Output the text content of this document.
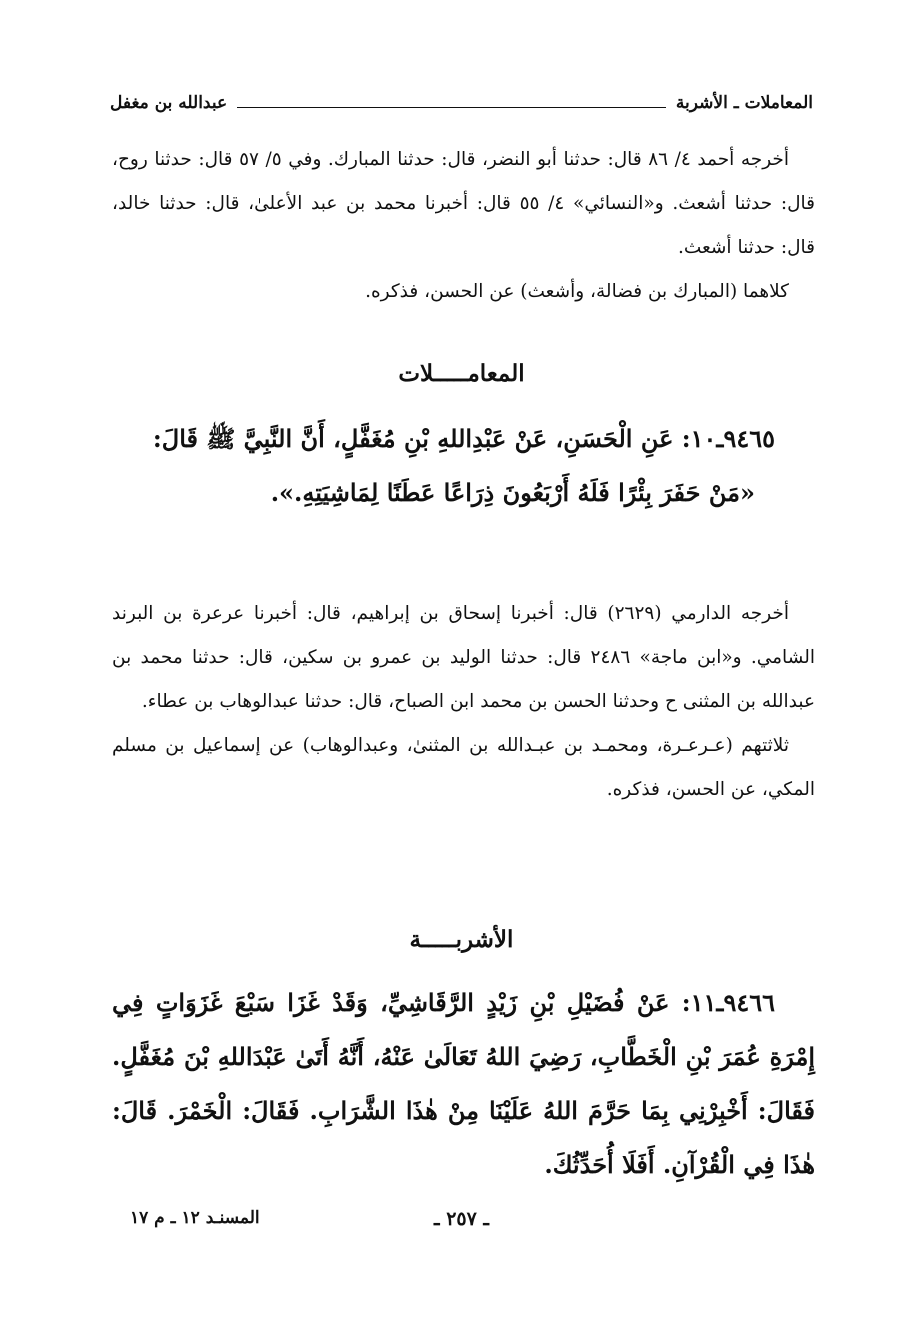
المعاملات ـ الأشربة
عبدالله بن مغفل

أخرجه أحمد ٤/ ٨٦ قال: حدثنا أبو النضر، قال: حدثنا المبارك. وفي ٥/ ٥٧ قال: حدثنا روح، قال: حدثنا أشعث. و«النسائي» ٤/ ٥٥ قال: أخبرنا محمد بن عبد الأعلىٰ، قال: حدثنا خالد، قال: حدثنا أشعث.

كلاهما (المبارك بن فضالة، وأشعث) عن الحسن، فذكره.

المعامـــــلات

٩٤٦٥ـ١٠: عَنِ الْحَسَنِ، عَنْ عَبْدِاللهِ بْنِ مُغَفَّلٍ، أَنَّ النَّبِيَّ ﷺ قَالَ:

«مَنْ حَفَرَ بِئْرًا فَلَهُ أَرْبَعُونَ ذِرَاعًا عَطَنًا لِمَاشِيَتِهِ.».

أخرجه الدارمي (٢٦٢٩) قال: أخبرنا إسحاق بن إبراهيم، قال: أخبرنا عرعرة بن البرند الشامي. و«ابن ماجة» ٢٤٨٦ قال: حدثنا الوليد بن عمرو بن سكين، قال: حدثنا محمد بن عبدالله بن المثنى ح وحدثنا الحسن بن محمد ابن الصباح، قال: حدثنا عبدالوهاب بن عطاء.

ثلاثتهم (عـرعـرة، ومحمـد بن عبـدالله بن المثنىٰ، وعبدالوهاب) عن إسماعيل بن مسلم المكي، عن الحسن، فذكره.

الأشربـــــة

٩٤٦٦ـ١١: عَنْ فُضَيْلِ بْنِ زَيْدٍ الرَّقَاشِيِّ، وَقَدْ غَزَا سَبْعَ غَزَوَاتٍ فِي إِمْرَةِ عُمَرَ بْنِ الْخَطَّابِ، رَضِيَ اللهُ تَعَالَىٰ عَنْهُ، أَنَّهُ أَتَىٰ عَبْدَاللهِ بْنَ مُغَفَّلٍ. فَقَالَ: أَخْبِرْنِي بِمَا حَرَّمَ اللهُ عَلَيْنَا مِنْ هٰذَا الشَّرَابِ. فَقَالَ: الْخَمْرَ. قَالَ: هٰذَا فِي الْقُرْآنِ. أَفَلَا أُحَدِّثُكَ.

ـ ٢٥٧ ـ
المسنـد ١٢ ـ م ١٧
